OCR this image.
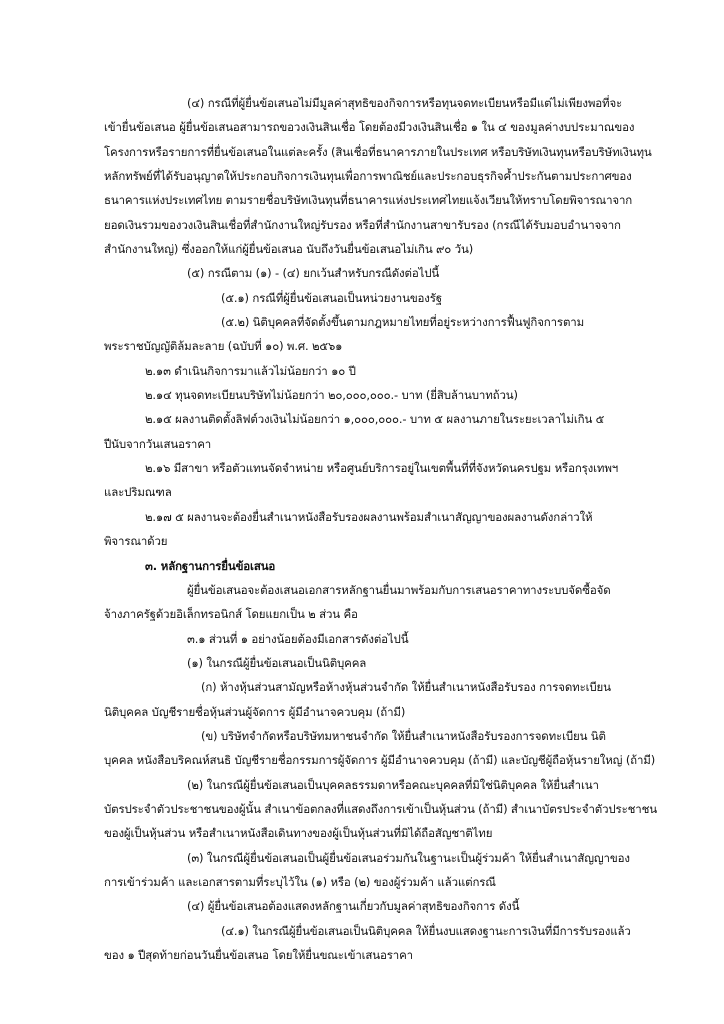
(๔) กรณีที่ผู้ยื่นข้อเสนอไม่มีมูลค่าสุทธิของกิจการหรือทุนจดทะเบียนหรือมีแต่ไม่เพียงพอที่จะ
เข้ายื่นข้อเสนอ ผู้ยื่นข้อเสนอสามารถขอวงเงินสินเชื่อ โดยต้องมีวงเงินสินเชื่อ ๑ ใน ๔ ของมูลค่างบประมาณของ
โครงการหรือรายการที่ยื่นข้อเสนอในแต่ละครั้ง (สินเชื่อที่ธนาคารภายในประเทศ หรือบริษัทเงินทุนหรือบริษัทเงินทุน
หลักทรัพย์ที่ได้รับอนุญาตให้ประกอบกิจการเงินทุนเพื่อการพาณิชย์และประกอบธุรกิจค้ำประกันตามประกาศของ
ธนาคารแห่งประเทศไทย ตามรายชื่อบริษัทเงินทุนที่ธนาคารแห่งประเทศไทยแจ้งเวียนให้ทราบโดยพิจารณาจาก
ยอดเงินรวมของวงเงินสินเชื่อที่สำนักงานใหญ่รับรอง หรือที่สำนักงานสาขารับรอง (กรณีได้รับมอบอำนาจจาก
สำนักงานใหญ่) ซึ่งออกให้แก่ผู้ยื่นข้อเสนอ นับถึงวันยื่นข้อเสนอไม่เกิน ๙๐ วัน)
(๕) กรณีตาม (๑) - (๔) ยกเว้นสำหรับกรณีดังต่อไปนี้
(๕.๑) กรณีที่ผู้ยื่นข้อเสนอเป็นหน่วยงานของรัฐ
(๕.๒) นิติบุคคลที่จัดตั้งขึ้นตามกฎหมายไทยที่อยู่ระหว่างการฟื้นฟูกิจการตาม
พระราชบัญญัติล้มละลาย (ฉบับที่ ๑๐) พ.ศ. ๒๕๖๑
๒.๑๓ ดำเนินกิจการมาแล้วไม่น้อยกว่า ๑๐ ปี
๒.๑๔ ทุนจดทะเบียนบริษัทไม่น้อยกว่า ๒๐,๐๐๐,๐๐๐.- บาท (ยี่สิบล้านบาทถ้วน)
๒.๑๕ ผลงานติดตั้งลิฟต์วงเงินไม่น้อยกว่า ๑,๐๐๐,๐๐๐.- บาท ๕ ผลงานภายในระยะเวลาไม่เกิน ๕
ปีนับจากวันเสนอราคา
๒.๑๖ มีสาขา หรือตัวแทนจัดจำหน่าย หรือศูนย์บริการอยู่ในเขตพื้นที่ที่จังหวัดนครปฐม หรือกรุงเทพฯ
และปริมณฑล
๒.๑๗ ๕ ผลงานจะต้องยื่นสำเนาหนังสือรับรองผลงานพร้อมสำเนาสัญญาของผลงานดังกล่าวให้
พิจารณาด้วย
๓. หลักฐานการยื่นข้อเสนอ
ผู้ยื่นข้อเสนอจะต้องเสนอเอกสารหลักฐานยื่นมาพร้อมกับการเสนอราคาทางระบบจัดซื้อจัด
จ้างภาครัฐด้วยอิเล็กทรอนิกส์ โดยแยกเป็น ๒ ส่วน คือ
๓.๑ ส่วนที่ ๑ อย่างน้อยต้องมีเอกสารดังต่อไปนี้
(๑) ในกรณีผู้ยื่นข้อเสนอเป็นนิติบุคคล
(ก) ห้างหุ้นส่วนสามัญหรือห้างหุ้นส่วนจำกัด ให้ยื่นสำเนาหนังสือรับรอง การจดทะเบียน
นิติบุคคล บัญชีรายชื่อหุ้นส่วนผู้จัดการ ผู้มีอำนาจควบคุม (ถ้ามี)
(ข) บริษัทจำกัดหรือบริษัทมหาชนจำกัด ให้ยื่นสำเนาหนังสือรับรองการจดทะเบียน นิติ
บุคคล หนังสือบริคณห์สนธิ บัญชีรายชื่อกรรมการผู้จัดการ ผู้มีอำนาจควบคุม (ถ้ามี) และบัญชีผู้ถือหุ้นรายใหญ่ (ถ้ามี)
(๒) ในกรณีผู้ยื่นข้อเสนอเป็นบุคคลธรรมดาหรือคณะบุคคลที่มิใช่นิติบุคคล ให้ยื่นสำเนา
บัตรประจำตัวประชาชนของผู้นั้น สำเนาข้อตกลงที่แสดงถึงการเข้าเป็นหุ้นส่วน (ถ้ามี) สำเนาบัตรประจำตัวประชาชน
ของผู้เป็นหุ้นส่วน หรือสำเนาหนังสือเดินทางของผู้เป็นหุ้นส่วนที่มิได้ถือสัญชาติไทย
(๓) ในกรณีผู้ยื่นข้อเสนอเป็นผู้ยื่นข้อเสนอร่วมกันในฐานะเป็นผู้ร่วมค้า ให้ยื่นสำเนาสัญญาของ
การเข้าร่วมค้า และเอกสารตามที่ระบุไว้ใน (๑) หรือ (๒) ของผู้ร่วมค้า แล้วแต่กรณี
(๔) ผู้ยื่นข้อเสนอต้องแสดงหลักฐานเกี่ยวกับมูลค่าสุทธิของกิจการ ดังนี้
(๔.๑) ในกรณีผู้ยื่นข้อเสนอเป็นนิติบุคคล ให้ยื่นงบแสดงฐานะการเงินที่มีการรับรองแล้ว
ของ ๑ ปีสุดท้ายก่อนวันยื่นข้อเสนอ โดยให้ยื่นขณะเข้าเสนอราคา
